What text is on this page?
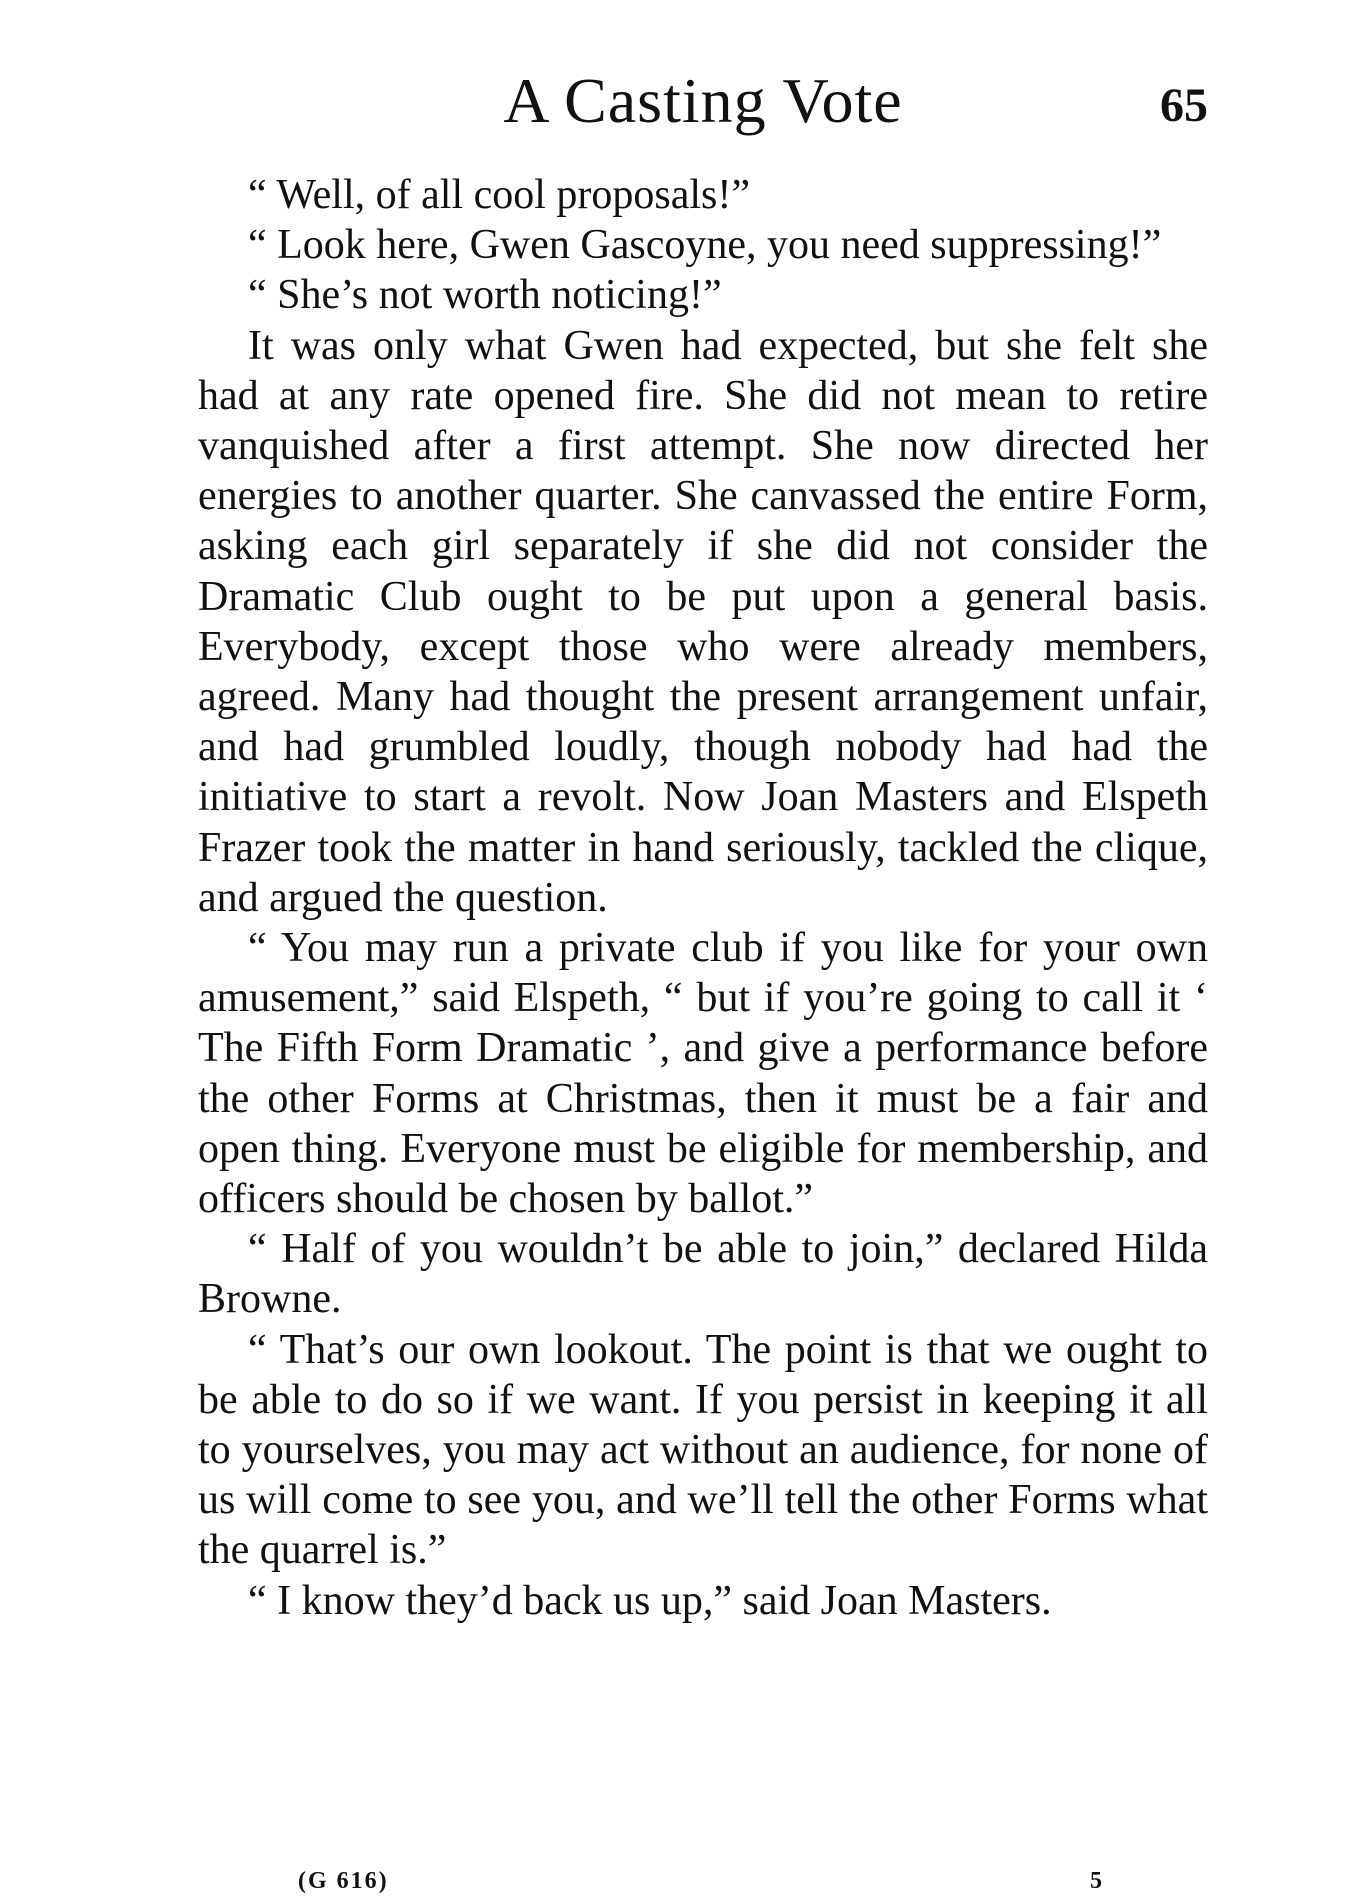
A Casting Vote	65

“ Well, of all cool proposals!”

“ Look here, Gwen Gascoyne, you need suppressing!”

“ She’s not worth noticing!”

It was only what Gwen had expected, but she felt she had at any rate opened fire. She did not mean to retire vanquished after a first attempt. She now directed her energies to another quarter. She canvassed the entire Form, asking each girl separately if she did not consider the Dramatic Club ought to be put upon a general basis. Everybody, except those who were already members, agreed. Many had thought the present arrangement unfair, and had grumbled loudly, though nobody had had the initiative to start a revolt. Now Joan Masters and Elspeth Frazer took the matter in hand seriously, tackled the clique, and argued the question.

“ You may run a private club if you like for your own amusement,” said Elspeth, “ but if you’re going to call it ‘ The Fifth Form Dramatic ’, and give a performance before the other Forms at Christmas, then it must be a fair and open thing. Everyone must be eligible for membership, and officers should be chosen by ballot.”

“ Half of you wouldn’t be able to join,” declared Hilda Browne.

“ That’s our own lookout. The point is that we ought to be able to do so if we want. If you persist in keeping it all to yourselves, you may act without an audience, for none of us will come to see you, and we’ll tell the other Forms what the quarrel is.”

“ I know they’d back us up,” said Joan Masters.

(G 616)	5
